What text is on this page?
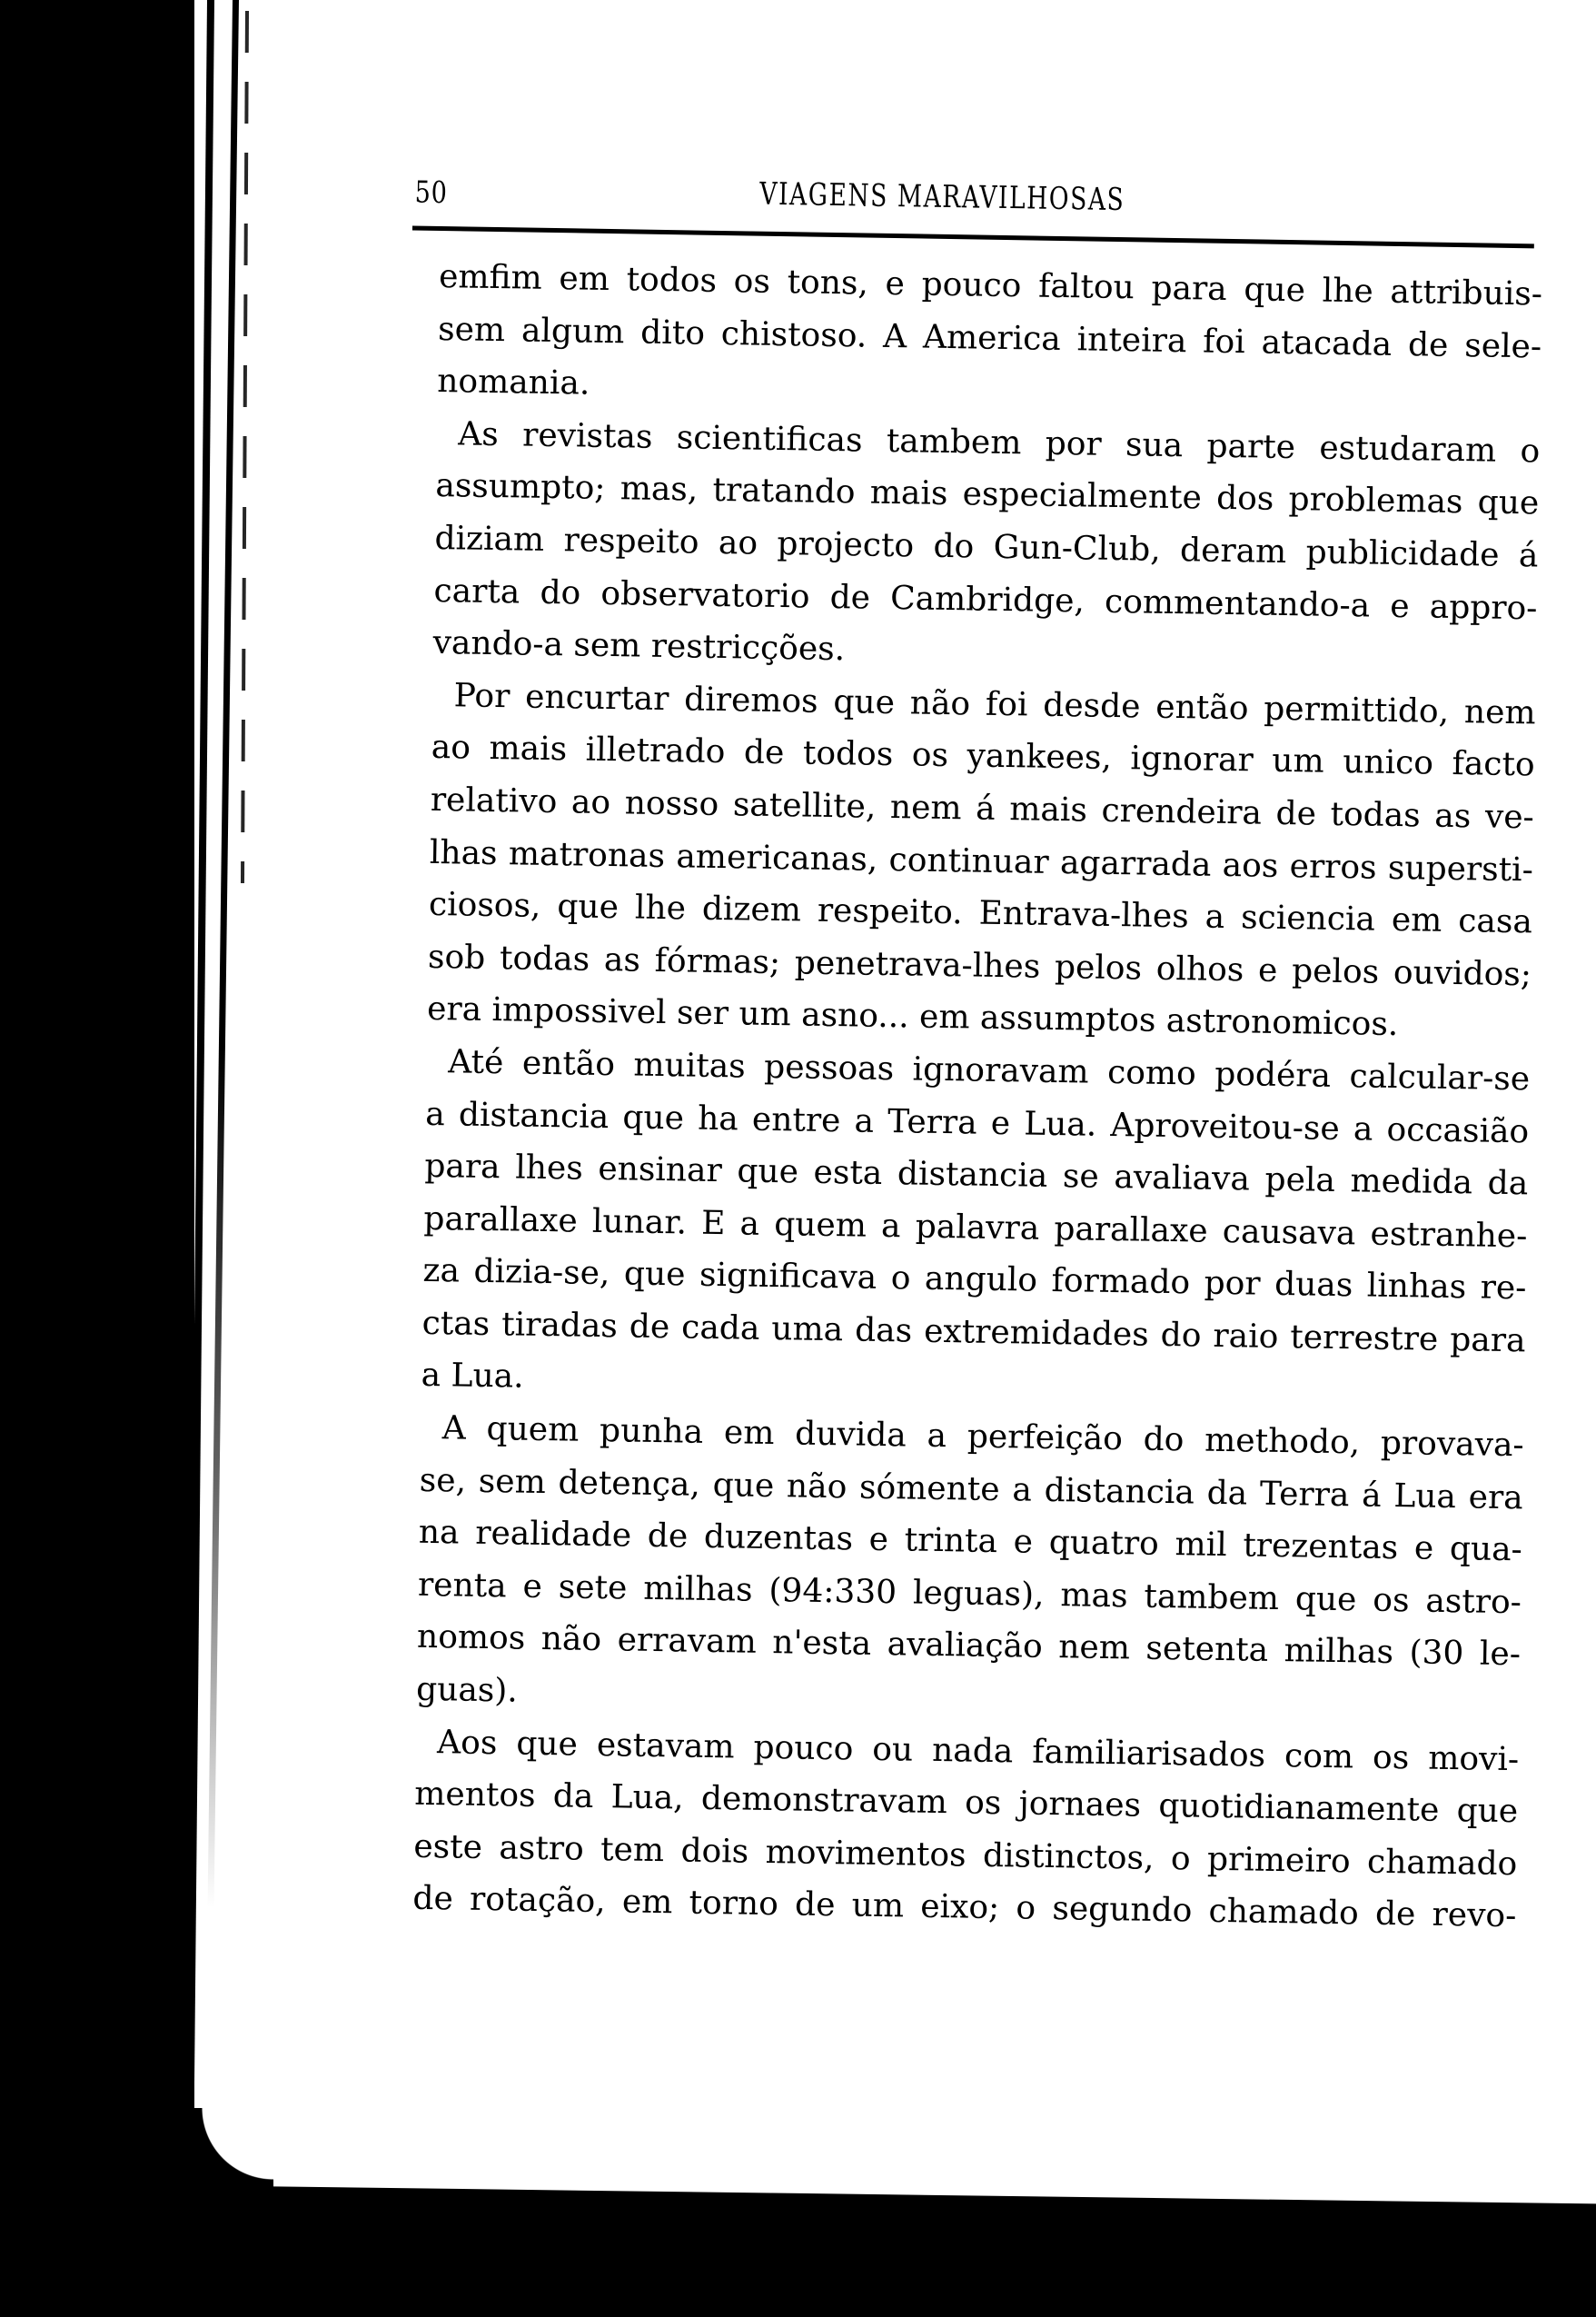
50	VIAGENS MARAVILHOSAS
emfim em todos os tons, e pouco faltou para que lhe attribuis-
sem algum dito chistoso. A America inteira foi atacada de sele-
nomania.
As revistas scientificas tambem por sua parte estudaram o
assumpto; mas, tratando mais especialmente dos problemas que
diziam respeito ao projecto do Gun-Club, deram publicidade á
carta do observatorio de Cambridge, commentando-a e appro-
vando-a sem restricções.
Por encurtar diremos que não foi desde então permittido, nem
ao mais illetrado de todos os yankees, ignorar um unico facto
relativo ao nosso satellite, nem á mais crendeira de todas as ve-
lhas matronas americanas, continuar agarrada aos erros supersti-
ciosos, que lhe dizem respeito. Entrava-lhes a sciencia em casa
sob todas as fórmas; penetrava-lhes pelos olhos e pelos ouvidos;
era impossivel ser um asno... em assumptos astronomicos.
Até então muitas pessoas ignoravam como podéra calcular-se
a distancia que ha entre a Terra e Lua. Aproveitou-se a occasião
para lhes ensinar que esta distancia se avaliava pela medida da
parallaxe lunar. E a quem a palavra parallaxe causava estranhe-
za dizia-se, que significava o angulo formado por duas linhas re-
ctas tiradas de cada uma das extremidades do raio terrestre para
a Lua.
A quem punha em duvida a perfeição do methodo, provava-
se, sem detença, que não sómente a distancia da Terra á Lua era
na realidade de duzentas e trinta e quatro mil trezentas e qua-
renta e sete milhas (94:330 leguas), mas tambem que os astro-
nomos não erravam n'esta avaliação nem setenta milhas (30 le-
guas).
Aos que estavam pouco ou nada familiarisados com os movi-
mentos da Lua, demonstravam os jornaes quotidianamente que
este astro tem dois movimentos distinctos, o primeiro chamado
de rotação, em torno de um eixo; o segundo chamado de revo-
